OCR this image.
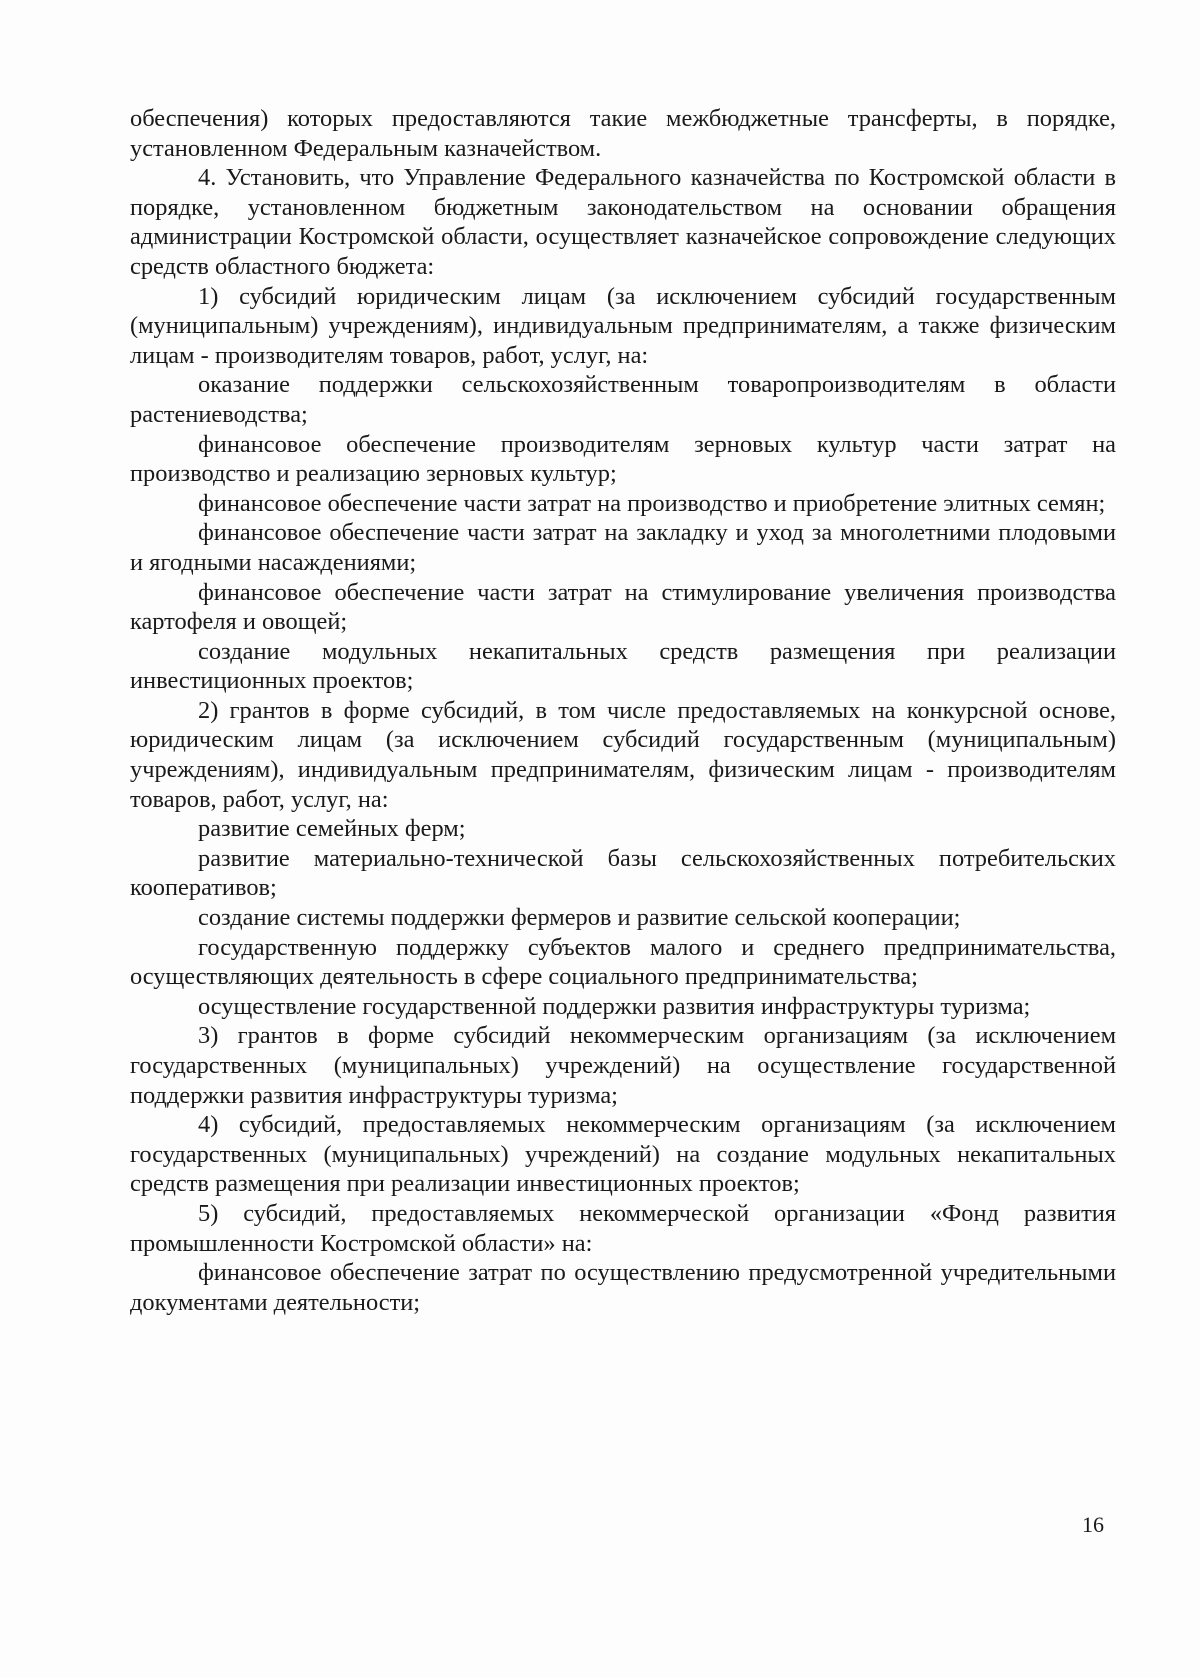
обеспечения) которых предоставляются такие межбюджетные трансферты, в порядке, установленном Федеральным казначейством.

4. Установить, что Управление Федерального казначейства по Костромской области в порядке, установленном бюджетным законодательством на основании обращения администрации Костромской области, осуществляет казначейское сопровождение следующих средств областного бюджета:

1) субсидий юридическим лицам (за исключением субсидий государственным (муниципальным) учреждениям), индивидуальным предпринимателям, а также физическим лицам - производителям товаров, работ, услуг, на:

оказание поддержки сельскохозяйственным товаропроизводителям в области растениеводства;

финансовое обеспечение производителям зерновых культур части затрат на производство и реализацию зерновых культур;

финансовое обеспечение части затрат на производство и приобретение элитных семян;

финансовое обеспечение части затрат на закладку и уход за многолетними плодовыми и ягодными насаждениями;

финансовое обеспечение части затрат на стимулирование увеличения производства картофеля и овощей;

создание модульных некапитальных средств размещения при реализации инвестиционных проектов;

2) грантов в форме субсидий, в том числе предоставляемых на конкурсной основе, юридическим лицам (за исключением субсидий государственным (муниципальным) учреждениям), индивидуальным предпринимателям, физическим лицам - производителям товаров, работ, услуг, на:

развитие семейных ферм;

развитие материально-технической базы сельскохозяйственных потребительских кооперативов;

создание системы поддержки фермеров и развитие сельской кооперации;

государственную поддержку субъектов малого и среднего предпринимательства, осуществляющих деятельность в сфере социального предпринимательства;

осуществление государственной поддержки развития инфраструктуры туризма;

3) грантов в форме субсидий некоммерческим организациям (за исключением государственных (муниципальных) учреждений) на осуществление государственной поддержки развития инфраструктуры туризма;

4) субсидий, предоставляемых некоммерческим организациям (за исключением государственных (муниципальных) учреждений) на создание модульных некапитальных средств размещения при реализации инвестиционных проектов;

5) субсидий, предоставляемых некоммерческой организации «Фонд развития промышленности Костромской области» на:

финансовое обеспечение затрат по осуществлению предусмотренной учредительными документами деятельности;

16
